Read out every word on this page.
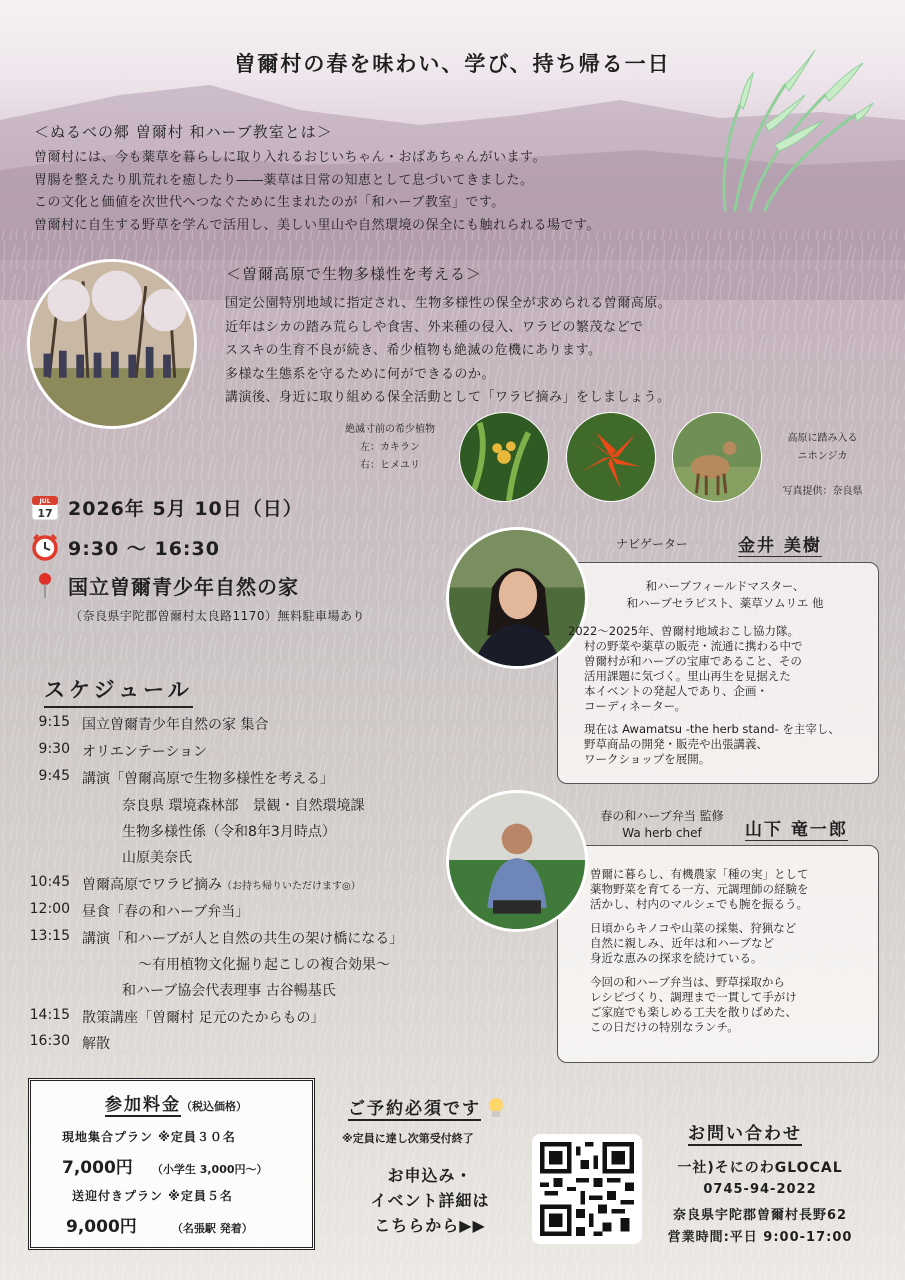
曽爾村の春を味わい、学び、持ち帰る一日
＜ぬるべの郷 曽爾村 和ハーブ教室とは＞
曽爾村には、今も薬草を暮らしに取り入れるおじいちゃん・おばあちゃんがいます。
胃腸を整えたり肌荒れを癒したり――薬草は日常の知恵として息づいてきました。
この文化と価値を次世代へつなぐために生まれたのが「和ハーブ教室」です。
曽爾村に自生する野草を学んで活用し、美しい里山や自然環境の保全にも触れられる場です。
＜曽爾高原で生物多様性を考える＞
国定公園特別地域に指定され、生物多様性の保全が求められる曽爾高原。
近年はシカの踏み荒らしや食害、外来種の侵入、ワラビの繁茂などで
ススキの生育不良が続き、希少植物も絶滅の危機にあります。
多様な生態系を守るために何ができるのか。
講演後、身近に取り組める保全活動として「ワラビ摘み」をしましょう。
絶滅寸前の希少植物
左：カキラン
右：ヒメユリ
高原に踏み入る
ニホンジカ
写真提供：奈良県
JUL
17 2026年 5月 10日（日）
9:30 〜 16:30
国立曽爾青少年自然の家
（奈良県宇陀郡曽爾村太良路1170）無料駐車場あり
スケジュール
9:15 国立曽爾青少年自然の家 集合
9:30 オリエンテーション
9:45 講演「曽爾高原で生物多様性を考える」
奈良県 環境森林部　景観・自然環境課
生物多様性係（令和8年3月時点）
山原美奈氏
10:45 曽爾高原でワラビ摘み（お持ち帰りいただけます◎）
12:00 昼食「春の和ハーブ弁当」
13:15 講演「和ハーブが人と自然の共生の架け橋になる」
〜有用植物文化掘り起こしの複合効果〜
和ハーブ協会代表理事 古谷暢基氏
14:15 散策講座「曽爾村 足元のたからもの」
16:30 解散
ナビゲーター	金井 美樹
和ハーブフィールドマスター、
和ハーブセラピスト、薬草ソムリエ 他
2022〜2025年、曽爾村地域おこし協力隊。
村の野菜や薬草の販売・流通に携わる中で
曽爾村が和ハーブの宝庫であること、その
活用課題に気づく。里山再生を見据えた
本イベントの発起人であり、企画・
コーディネーター。
現在は Awamatsu -the herb stand- を主宰し、
野草商品の開発・販売や出張講義、
ワークショップを展開。
春の和ハーブ弁当 監修
Wa herb chef	山下 竜一郎
曽爾に暮らし、有機農家「種の実」として
薬物野菜を育てる一方、元調理師の経験を
活かし、村内のマルシェでも腕を振るう。
日頃からキノコや山菜の採集、狩猟など
自然に親しみ、近年は和ハーブなど
身近な恵みの探求を続けている。
今回の和ハーブ弁当は、野草採取から
レシピづくり、調理まで一貫して手がけ
ご家庭でも楽しめる工夫を散りばめた、
この日だけの特別なランチ。
参加料金（税込価格）
現地集合プラン ※定員３０名
7,000円 （小学生 3,000円〜）
送迎付きプラン ※定員５名
9,000円	（名張駅 発着）
ご予約必須です
※定員に達し次第受付終了
お申込み・
イベント詳細は
こちらから▶▶
お問い合わせ
一社)そにのわGLOCAL
0745-94-2022
奈良県宇陀郡曽爾村長野62
営業時間:平日 9:00-17:00
